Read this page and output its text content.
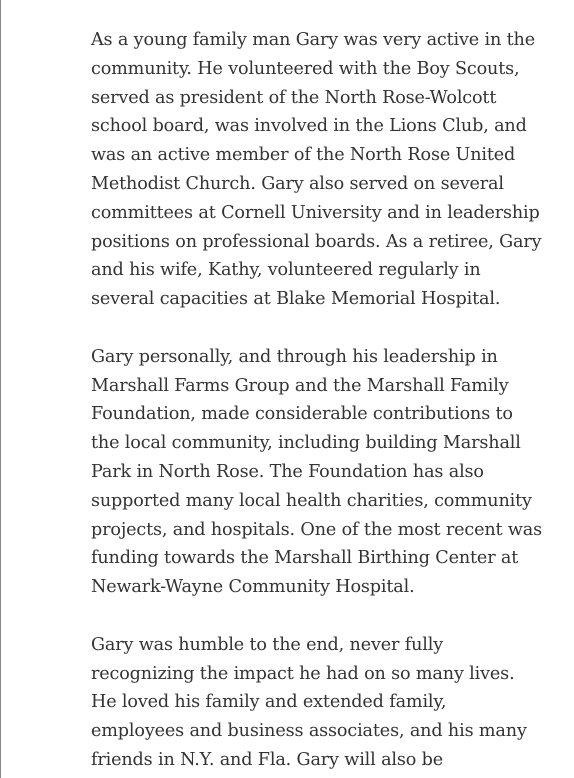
As a young family man Gary was very active in the
community. He volunteered with the Boy Scouts,
served as president of the North Rose-Wolcott
school board, was involved in the Lions Club, and
was an active member of the North Rose United
Methodist Church. Gary also served on several
committees at Cornell University and in leadership
positions on professional boards. As a retiree, Gary
and his wife, Kathy, volunteered regularly in
several capacities at Blake Memorial Hospital.

Gary personally, and through his leadership in
Marshall Farms Group and the Marshall Family
Foundation, made considerable contributions to
the local community, including building Marshall
Park in North Rose. The Foundation has also
supported many local health charities, community
projects, and hospitals. One of the most recent was
funding towards the Marshall Birthing Center at
Newark-Wayne Community Hospital.

Gary was humble to the end, never fully
recognizing the impact he had on so many lives.
He loved his family and extended family,
employees and business associates, and his many
friends in N.Y. and Fla. Gary will also be
